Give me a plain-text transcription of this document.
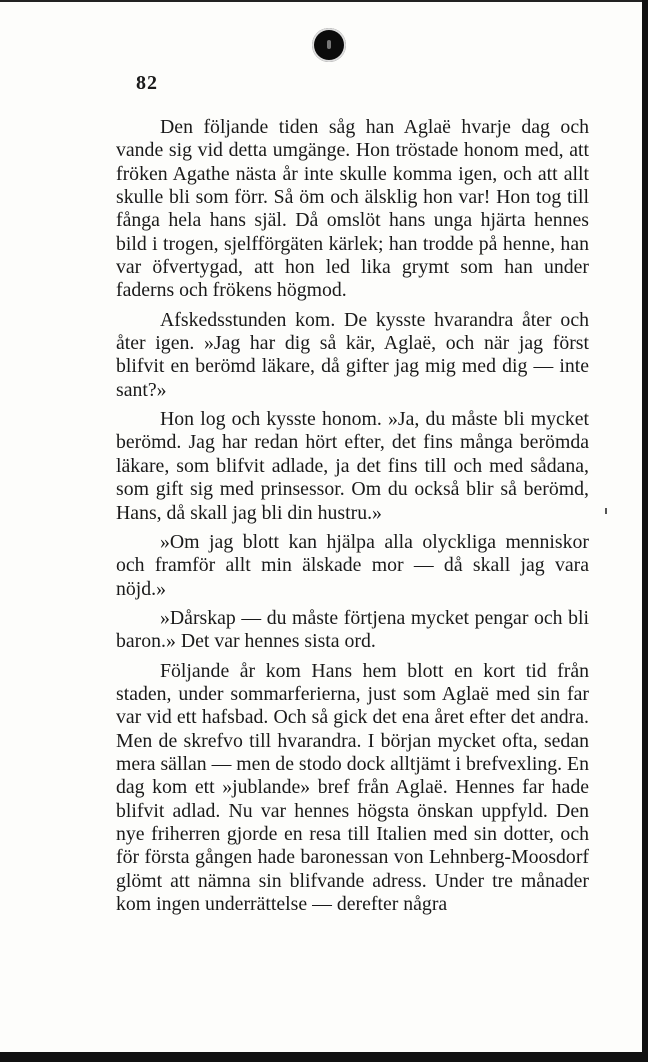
82

Den följande tiden såg han Aglaë hvarje dag och vande sig vid detta umgänge. Hon tröstade honom med, att fröken Agathe nästa år inte skulle komma igen, och att allt skulle bli som förr. Så öm och älsklig hon var! Hon tog till fånga hela hans själ. Då omslöt hans unga hjärta hennes bild i trogen, sjelfförgäten kärlek; han trodde på henne, han var öfvertygad, att hon led lika grymt som han under faderns och frökens högmod.

Afskedsstunden kom. De kysste hvarandra åter och åter igen. »Jag har dig så kär, Aglaë, och när jag först blifvit en berömd läkare, då gifter jag mig med dig — inte sant?»

Hon log och kysste honom. »Ja, du måste bli mycket berömd. Jag har redan hört efter, det fins många berömda läkare, som blifvit adlade, ja det fins till och med sådana, som gift sig med prinsessor. Om du också blir så berömd, Hans, då skall jag bli din hustru.»

»Om jag blott kan hjälpa alla olyckliga menniskor och framför allt min älskade mor — då skall jag vara nöjd.»

»Dårskap — du måste förtjena mycket pengar och bli baron.» Det var hennes sista ord.

Följande år kom Hans hem blott en kort tid från staden, under sommarferierna, just som Aglaë med sin far var vid ett hafsbad. Och så gick det ena året efter det andra. Men de skrefvo till hvarandra. I början mycket ofta, sedan mera sällan — men de stodo dock alltjämt i brefvexling. En dag kom ett »jublande» bref från Aglaë. Hennes far hade blifvit adlad. Nu var hennes högsta önskan uppfyld. Den nye friherren gjorde en resa till Italien med sin dotter, och för första gången hade baronessan von Lehnberg-Moosdorf glömt att nämna sin blifvande adress. Under tre månader kom ingen underrättelse — derefter några
